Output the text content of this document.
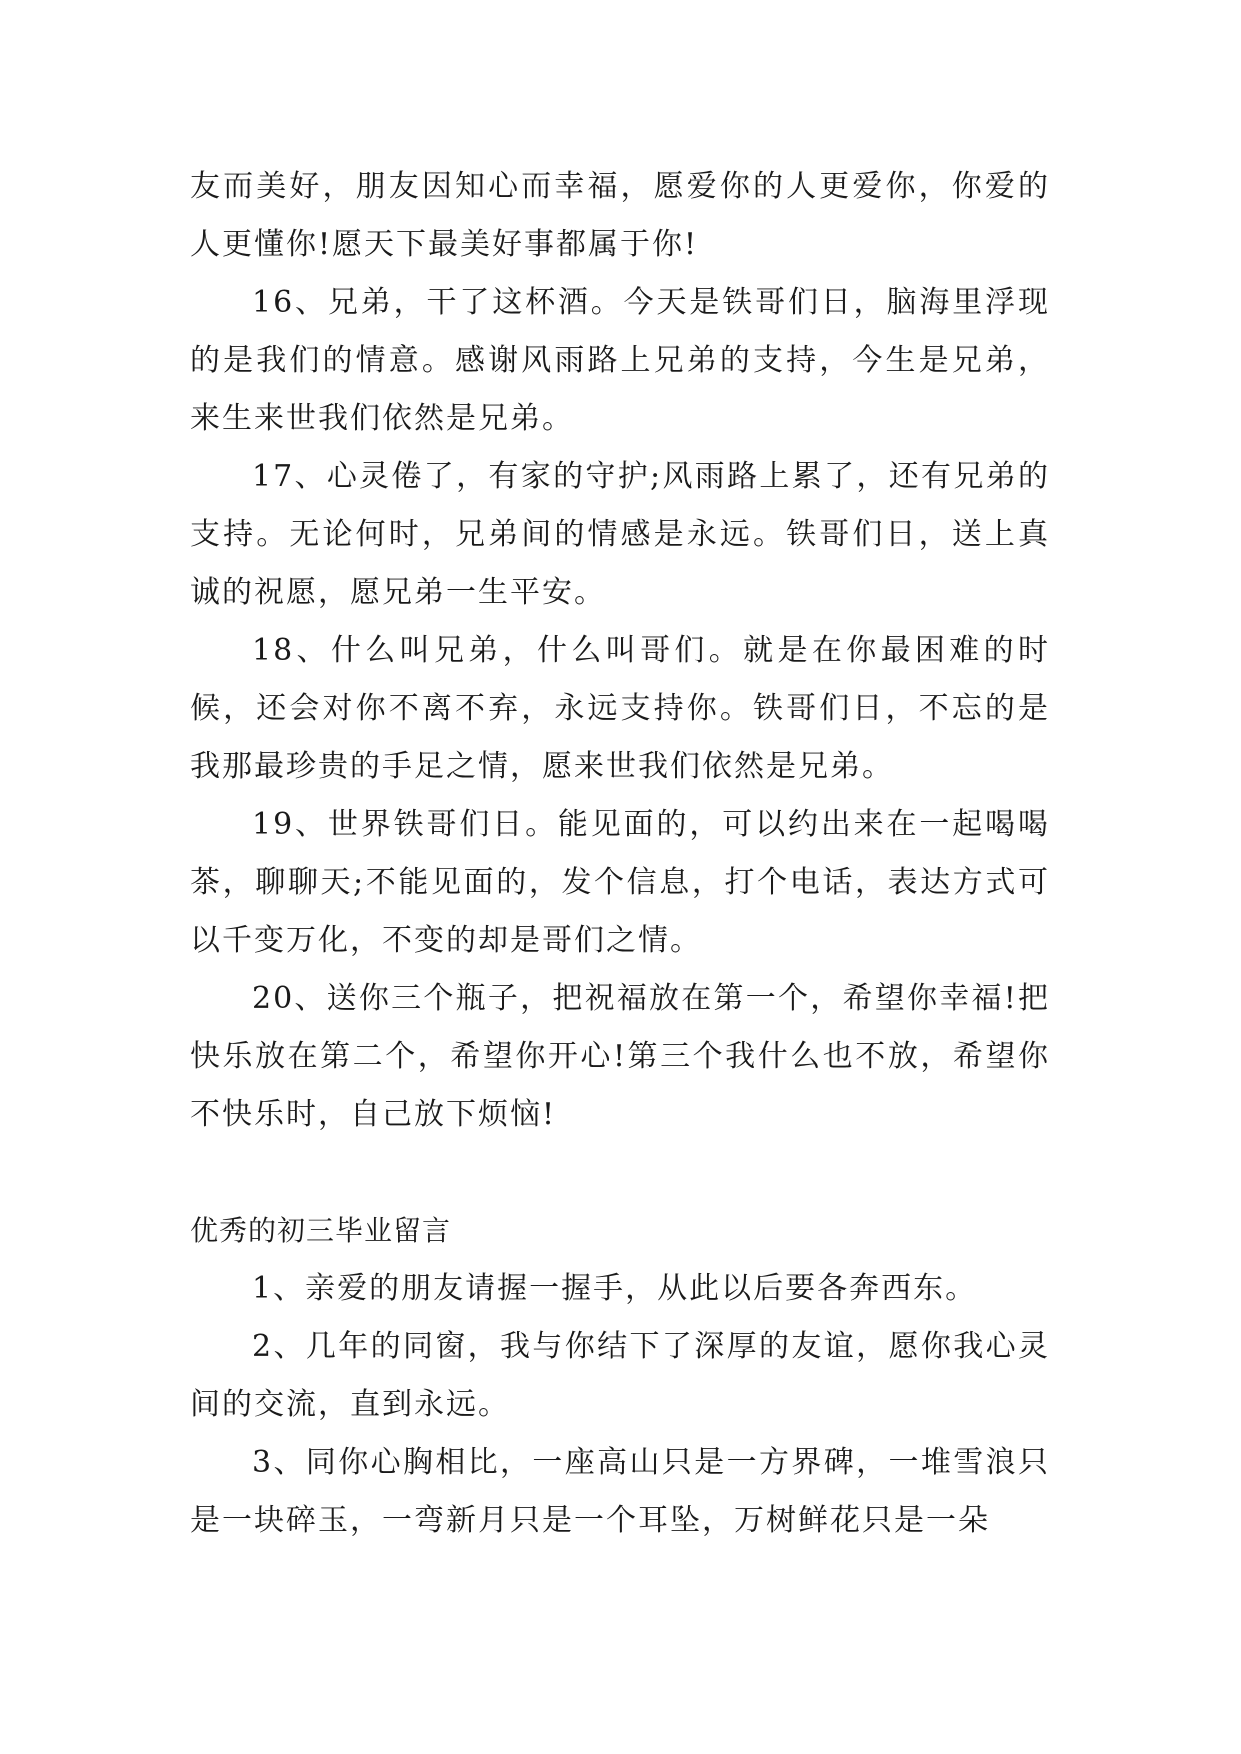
友而美好，朋友因知心而幸福，愿爱你的人更爱你，你爱的人更懂你!愿天下最美好事都属于你!

16、兄弟，干了这杯酒。今天是铁哥们日，脑海里浮现的是我们的情意。感谢风雨路上兄弟的支持，今生是兄弟，来生来世我们依然是兄弟。

17、心灵倦了，有家的守护;风雨路上累了，还有兄弟的支持。无论何时，兄弟间的情感是永远。铁哥们日，送上真诚的祝愿，愿兄弟一生平安。

18、什么叫兄弟，什么叫哥们。就是在你最困难的时候，还会对你不离不弃，永远支持你。铁哥们日，不忘的是我那最珍贵的手足之情，愿来世我们依然是兄弟。

19、世界铁哥们日。能见面的，可以约出来在一起喝喝茶，聊聊天;不能见面的，发个信息，打个电话，表达方式可以千变万化，不变的却是哥们之情。

20、送你三个瓶子，把祝福放在第一个，希望你幸福!把快乐放在第二个，希望你开心!第三个我什么也不放，希望你不快乐时，自己放下烦恼!

优秀的初三毕业留言

1、亲爱的朋友请握一握手，从此以后要各奔西东。

2、几年的同窗，我与你结下了深厚的友谊，愿你我心灵间的交流，直到永远。

3、同你心胸相比，一座高山只是一方界碑，一堆雪浪只是一块碎玉，一弯新月只是一个耳坠，万树鲜花只是一朵
